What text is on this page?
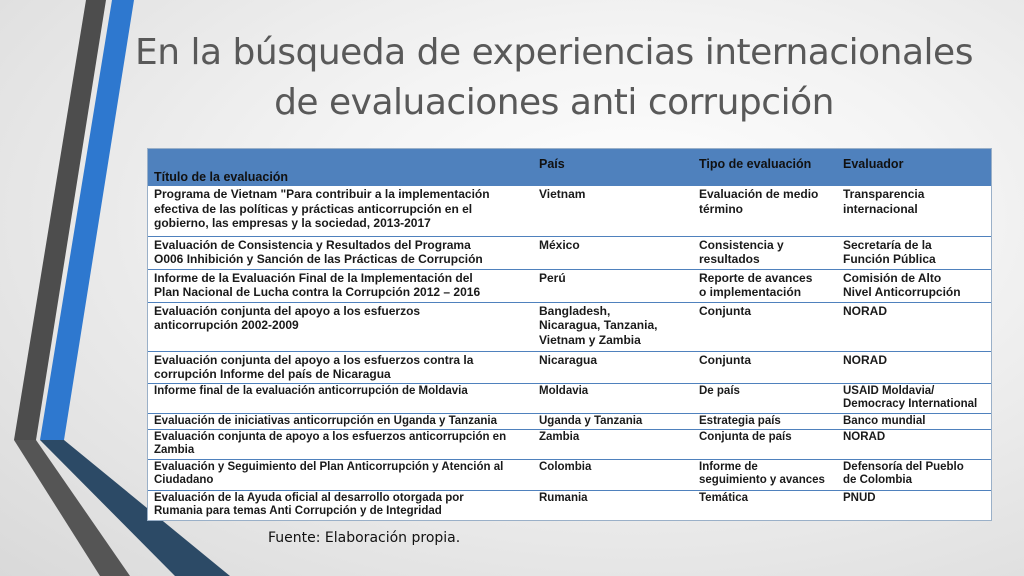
En la búsqueda de experiencias internacionales
de evaluaciones anti corrupción
Título de la evaluación	País	Tipo de evaluación	Evaluador
Programa de Vietnam "Para contribuir a la implementación
efectiva de las políticas y prácticas anticorrupción en el
gobierno, las empresas y la sociedad, 2013-2017	Vietnam	Evaluación de medio
término	Transparencia
internacional
Evaluación de Consistencia y Resultados del Programa
O006 Inhibición y Sanción de las Prácticas de Corrupción	México	Consistencia y
resultados	Secretaría de la
Función Pública
Informe de la Evaluación Final de la Implementación del
Plan Nacional de Lucha contra la Corrupción 2012 – 2016	Perú	Reporte de avances
o implementación	Comisión de Alto
Nivel Anticorrupción
Evaluación conjunta del apoyo a los esfuerzos
anticorrupción 2002-2009	Bangladesh,
Nicaragua, Tanzania,
Vietnam y Zambia	Conjunta	NORAD
Evaluación conjunta del apoyo a los esfuerzos contra la
corrupción Informe del país de Nicaragua	Nicaragua	Conjunta	NORAD
Informe final de la evaluación anticorrupción de Moldavia	Moldavia	De país	USAID Moldavia/
Democracy International
Evaluación de iniciativas anticorrupción en Uganda y Tanzania	Uganda y Tanzania	Estrategia país	Banco mundial
Evaluación conjunta de apoyo a los esfuerzos anticorrupción en
Zambia	Zambia	Conjunta de país	NORAD
Evaluación y Seguimiento del Plan Anticorrupción y Atención al
Ciudadano	Colombia	Informe de
seguimiento y avances	Defensoría del Pueblo
de Colombia
Evaluación de la Ayuda oficial al desarrollo otorgada por
Rumania para temas Anti Corrupción y de Integridad	Rumania	Temática	PNUD
Fuente: Elaboración propia.
